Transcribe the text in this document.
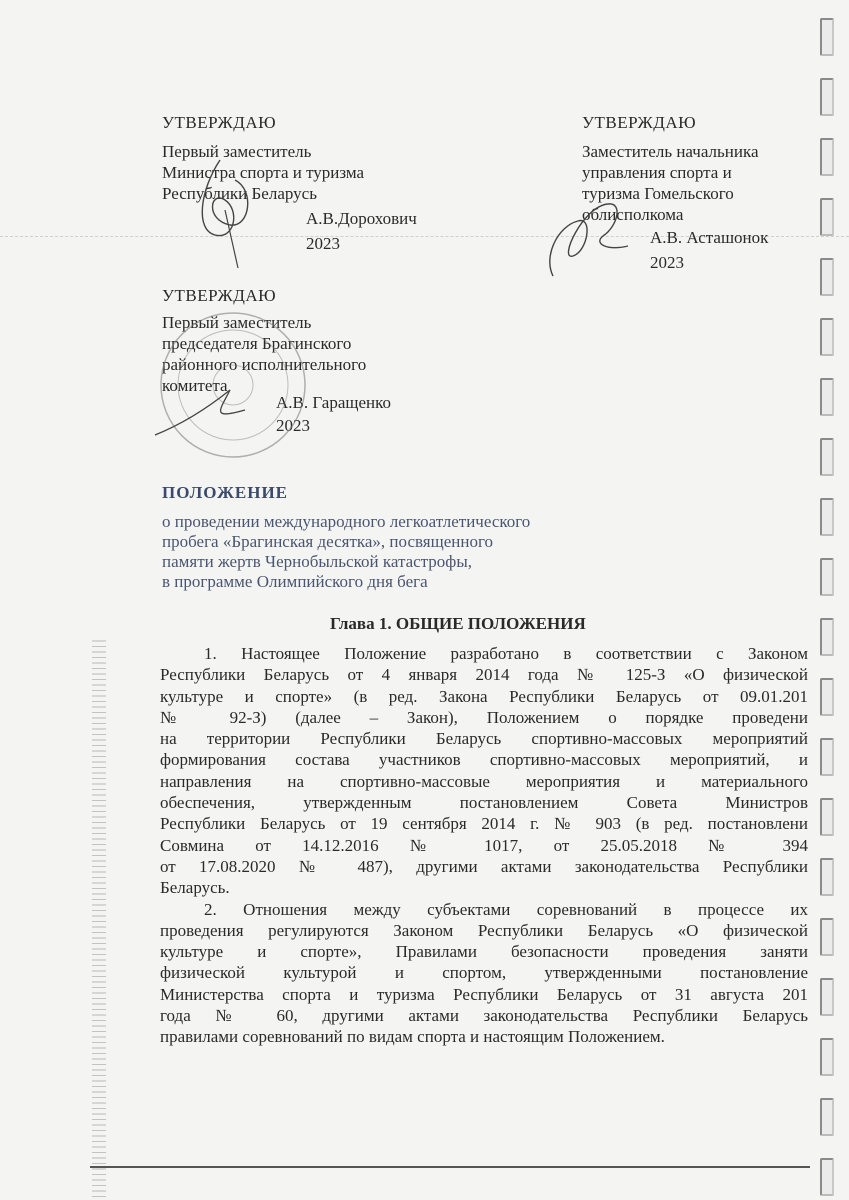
УТВЕРЖДАЮ
Первый заместитель
Министра спорта и туризма
Республики Беларусь
А.В.Дорохович
2023
УТВЕРЖДАЮ
Заместитель начальника
управления спорта и
туризма Гомельского
облисполкома
А.В. Асташонок
2023
УТВЕРЖДАЮ
Первый заместитель
председателя Брагинского
районного исполнительного
комитета
А.В. Гаращенко
2023
ПОЛОЖЕНИЕ
о проведении международного легкоатлетического
пробега «Брагинская десятка», посвященного
памяти жертв Чернобыльской катастрофы,
в программе Олимпийского дня бега
Глава 1. ОБЩИЕ ПОЛОЖЕНИЯ
1. Настоящее Положение разработано в соответствии с Законом
Республики Беларусь от 4 января 2014 года № 125-З «О физической
культуре и спорте» (в ред. Закона Республики Беларусь от 09.01.201
№ 92-З) (далее – Закон), Положением о порядке проведени
на территории Республики Беларусь спортивно-массовых мероприятий
формирования состава участников спортивно-массовых мероприятий, и
направления на спортивно-массовые мероприятия и материального
обеспечения, утвержденным постановлением Совета Министров
Республики Беларусь от 19 сентября 2014 г. № 903 (в ред. постановлени
Совмина от 14.12.2016 № 1017, от 25.05.2018 № 394
от 17.08.2020 № 487), другими актами законодательства Республики
Беларусь.
2. Отношения между субъектами соревнований в процессе их
проведения регулируются Законом Республики Беларусь «О физической
культуре и спорте», Правилами безопасности проведения заняти
физической культурой и спортом, утвержденными постановление
Министерства спорта и туризма Республики Беларусь от 31 августа 201
года № 60, другими актами законодательства Республики Беларусь
правилами соревнований по видам спорта и настоящим Положением.
